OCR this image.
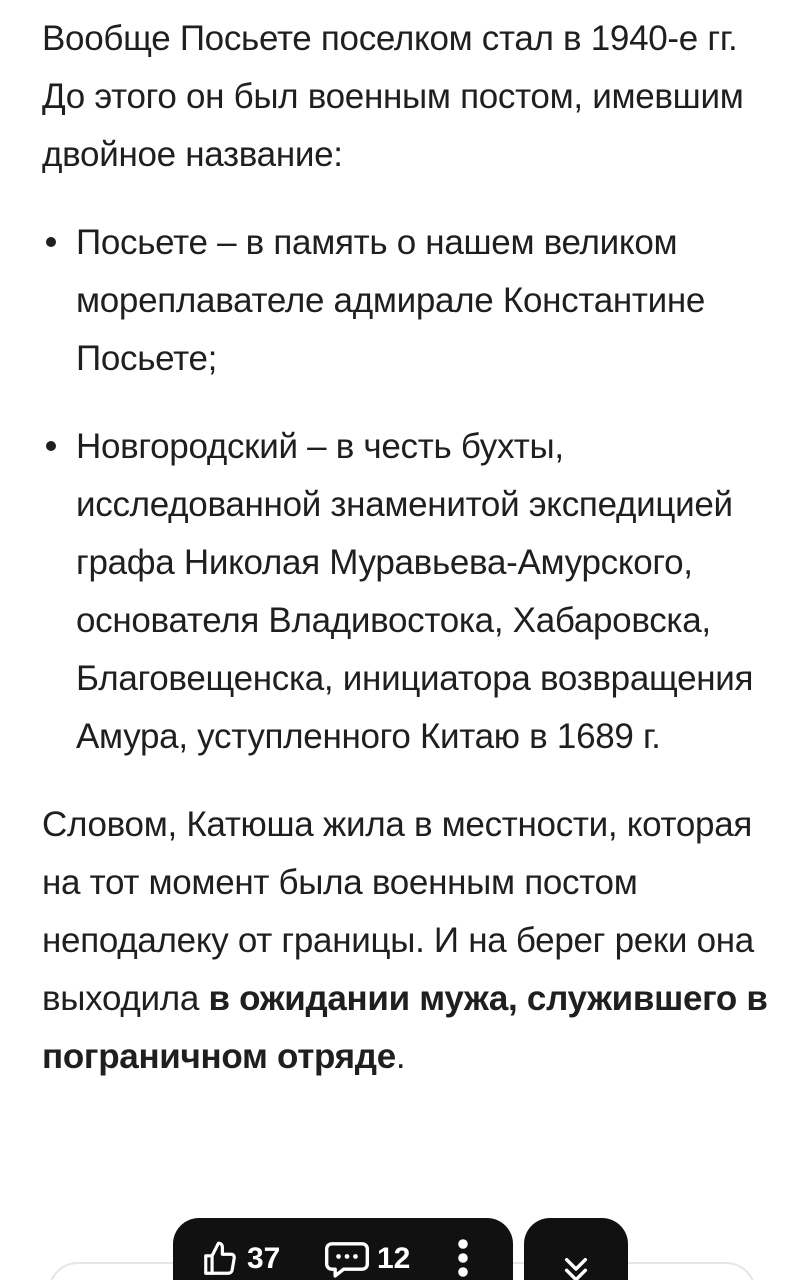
Вообще Посьете поселком стал в 1940-е гг. До этого он был военным постом, имевшим двойное название:

Посьете – в память о нашем великом мореплавателе адмирале Константине Посьете;
Новгородский – в честь бухты, исследованной знаменитой экспедицией графа Николая Муравьева-Амурского, основателя Владивостока, Хабаровска, Благовещенска, инициатора возвращения Амура, уступленного Китаю в 1689 г.

Словом, Катюша жила в местности, которая на тот момент была военным постом неподалеку от границы. И на берег реки она выходила в ожидании мужа, служившего в пограничном отряде.

37	12
